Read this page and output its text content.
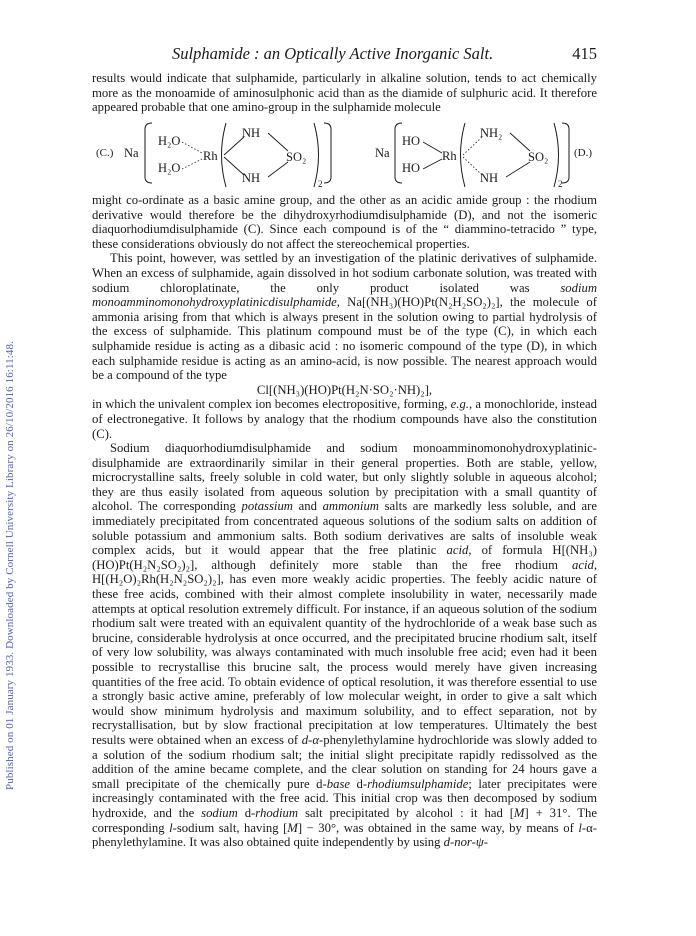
Published on 01 January 1933. Downloaded by Cornell University Library on 26/10/2016 16:11:48.
Sulphamide : an Optically Active Inorganic Salt.	415

results would indicate that sulphamide, particularly in alkaline solution, tends to act chemically more as the monoamide of aminosulphonic acid than as the diamide of sulphuric acid. It therefore appeared probable that one amino-group in the sulphamide molecule

(C.) Na
H₂O
H₂O
Rh
NH
NH
SO₂
2
Na
HO
HO
Rh
NH₂
NH
SO₂
2
(D.)

might co-ordinate as a basic amine group, and the other as an acidic amide group : the rhodium derivative would therefore be the dihydroxyrhodiumdisulphamide (D), and not the isomeric diaquorhodiumdisulphamide (C). Since each compound is of the “ diammino-tetracido ” type, these considerations obviously do not affect the stereochemical properties.

This point, however, was settled by an investigation of the platinic derivatives of sulphamide. When an excess of sulphamide, again dissolved in hot sodium carbonate solution, was treated with sodium chloroplatinate, the only product isolated was sodium monoamminomonohydroxyplatinicdisulphamide, Na[(NH₃)(HO)Pt(N₂H₂SO₂)₂], the molecule of ammonia arising from that which is always present in the solution owing to partial hydrolysis of the excess of sulphamide. This platinum compound must be of the type (C), in which each sulphamide residue is acting as a dibasic acid : no isomeric compound of the type (D), in which each sulphamide residue is acting as an amino-acid, is now possible. The nearest approach would be a compound of the type

Cl[(NH₃)(HO)Pt(H₂N·SO₂·NH)₂],

in which the univalent complex ion becomes electropositive, forming, e.g., a monochloride, instead of electronegative. It follows by analogy that the rhodium compounds have also the constitution (C).

Sodium diaquorhodiumdisulphamide and sodium monoamminomonohydroxyplatinic-disulphamide are extraordinarily similar in their general properties. Both are stable, yellow, microcrystalline salts, freely soluble in cold water, but only slightly soluble in aqueous alcohol; they are thus easily isolated from aqueous solution by precipitation with a small quantity of alcohol. The corresponding potassium and ammonium salts are markedly less soluble, and are immediately precipitated from concentrated aqueous solutions of the sodium salts on addition of soluble potassium and ammonium salts. Both sodium derivatives are salts of insoluble weak complex acids, but it would appear that the free platinic acid, of formula H[(NH₃)(HO)Pt(H₂N₂SO₂)₂], although definitely more stable than the free rhodium acid, H[(H₂O)₂Rh(H₂N₂SO₂)₂], has even more weakly acidic properties. The feebly acidic nature of these free acids, combined with their almost complete insolubility in water, necessarily made attempts at optical resolution extremely difficult. For instance, if an aqueous solution of the sodium rhodium salt were treated with an equivalent quantity of the hydrochloride of a weak base such as brucine, considerable hydrolysis at once occurred, and the precipitated brucine rhodium salt, itself of very low solubility, was always contaminated with much insoluble free acid; even had it been possible to recrystallise this brucine salt, the process would merely have given increasing quantities of the free acid. To obtain evidence of optical resolution, it was therefore essential to use a strongly basic active amine, preferably of low molecular weight, in order to give a salt which would show minimum hydrolysis and maximum solubility, and to effect separation, not by recrystallisation, but by slow fractional precipitation at low temperatures. Ultimately the best results were obtained when an excess of d-α-phenylethylamine hydrochloride was slowly added to a solution of the sodium rhodium salt; the initial slight precipitate rapidly redissolved as the addition of the amine became complete, and the clear solution on standing for 24 hours gave a small precipitate of the chemically pure d-base d-rhodiumsulphamide; later precipitates were increasingly contaminated with the free acid. This initial crop was then decomposed by sodium hydroxide, and the sodium d-rhodium salt precipitated by alcohol : it had [M] + 31°. The corresponding l-sodium salt, having [M] − 30°, was obtained in the same way, by means of l-α-phenylethylamine. It was also obtained quite independently by using d-nor-ψ-
